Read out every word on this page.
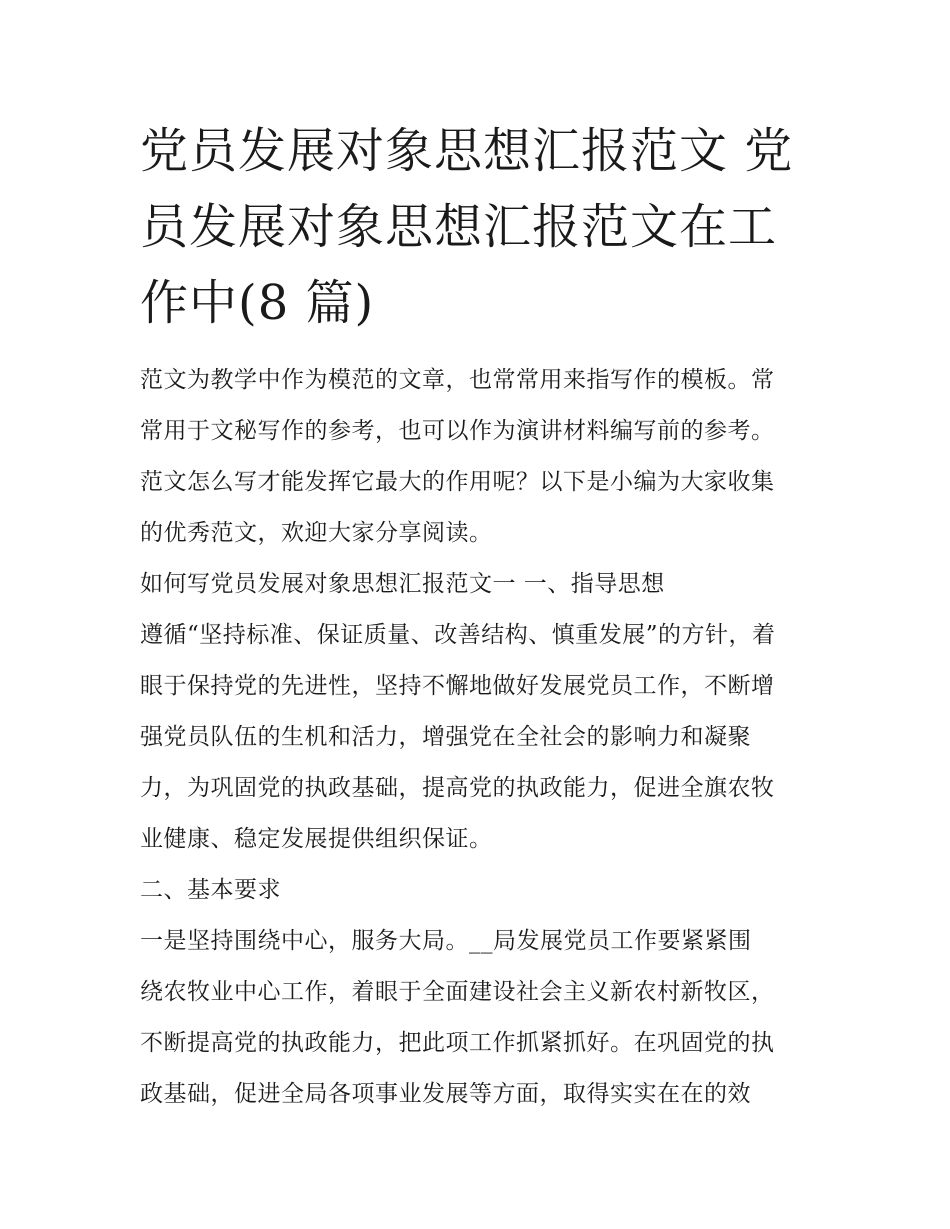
党员发展对象思想汇报范文 党
员发展对象思想汇报范文在工
作中(8 篇)
范文为教学中作为模范的文章，也常常用来指写作的模板。常
常用于文秘写作的参考，也可以作为演讲材料编写前的参考。
范文怎么写才能发挥它最大的作用呢？以下是小编为大家收集
的优秀范文，欢迎大家分享阅读。
如何写党员发展对象思想汇报范文一 一、指导思想
遵循“坚持标准、保证质量、改善结构、慎重发展”的方针，着
眼于保持党的先进性，坚持不懈地做好发展党员工作，不断增
强党员队伍的生机和活力，增强党在全社会的影响力和凝聚
力，为巩固党的执政基础，提高党的执政能力，促进全旗农牧
业健康、稳定发展提供组织保证。
二、基本要求
一是坚持围绕中心，服务大局。__局发展党员工作要紧紧围
绕农牧业中心工作，着眼于全面建设社会主义新农村新牧区，
不断提高党的执政能力，把此项工作抓紧抓好。在巩固党的执
政基础，促进全局各项事业发展等方面，取得实实在在的效
